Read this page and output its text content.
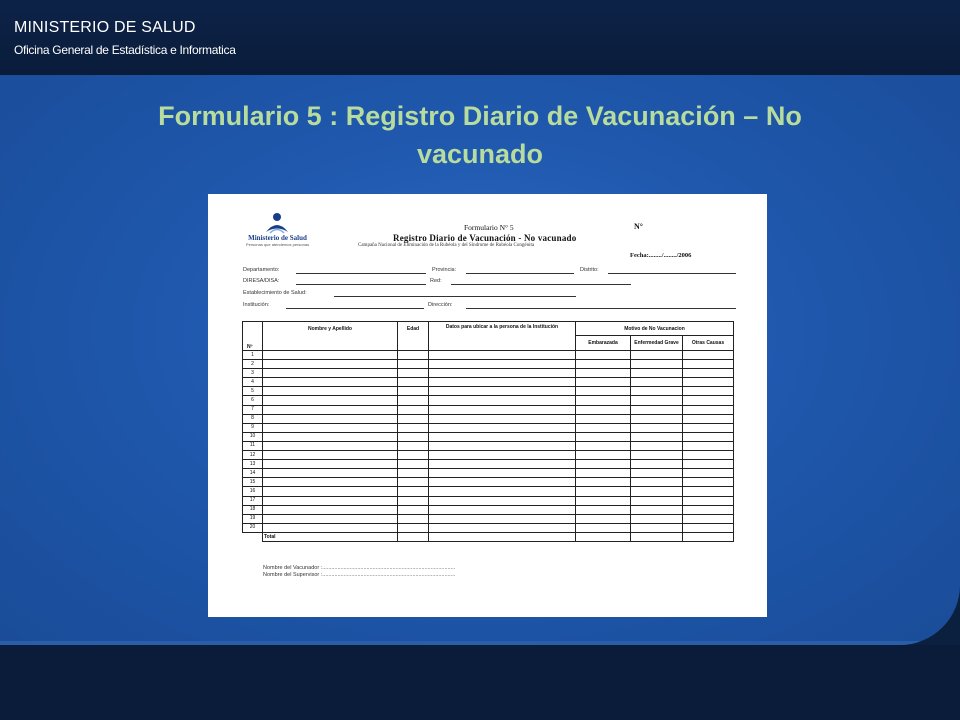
MINISTERIO DE SALUD
Oficina General de Estadística e Informatica
Formulario 5 : Registro Diario de Vacunación – No
vacunado
Ministerio de Salud
Personas que atendemos personas
Formulario N° 5	N°
Registro Diario de Vacunación - No vacunado
Campaña Nacional de Eliminación de la Rubéola y del Síndrome de Rubéola Congénita
Fecha:......../......../2006
Departamento:	Provincia:	Distrito:
DIRESA/DISA:	Red:
Establecimiento de Salud:
Institución:	Dirección:
Nº	Nombre y Apellido	Edad	Datos para ubicar a la persona de la Institución	Motivo de No Vacunacion		
				Embarazada	Enfermedad Grave	Otras Causas
1						
2						
3						
4						
5						
6						
7						
8						
9						
10						
11						
12						
13						
14						
15						
16						
17						
18						
19						
20						
	Total					
Nombre del Vacunador :.......................................................................................
Nombre del Supervisor :.......................................................................................
